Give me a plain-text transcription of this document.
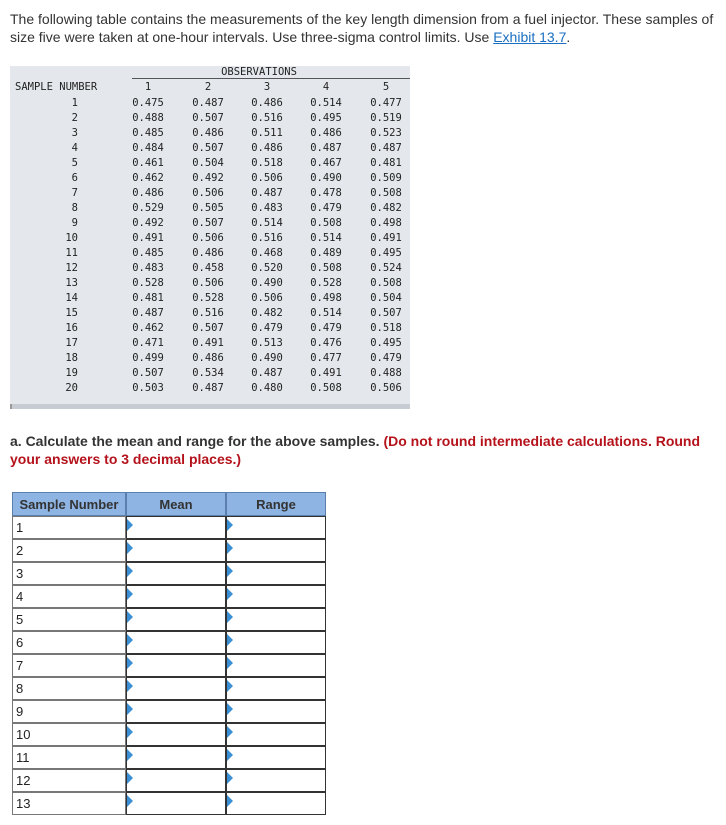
The following table contains the measurements of the key length dimension from a fuel injector. These samples of size five were taken at one-hour intervals. Use three-sigma control limits. Use Exhibit 13.7.
OBSERVATIONS
SAMPLE NUMBER	1	2	3	4	5
1	0.475	0.487	0.486	0.514	0.477
2	0.488	0.507	0.516	0.495	0.519
3	0.485	0.486	0.511	0.486	0.523
4	0.484	0.507	0.486	0.487	0.487
5	0.461	0.504	0.518	0.467	0.481
6	0.462	0.492	0.506	0.490	0.509
7	0.486	0.506	0.487	0.478	0.508
8	0.529	0.505	0.483	0.479	0.482
9	0.492	0.507	0.514	0.508	0.498
10	0.491	0.506	0.516	0.514	0.491
11	0.485	0.486	0.468	0.489	0.495
12	0.483	0.458	0.520	0.508	0.524
13	0.528	0.506	0.490	0.528	0.508
14	0.481	0.528	0.506	0.498	0.504
15	0.487	0.516	0.482	0.514	0.507
16	0.462	0.507	0.479	0.479	0.518
17	0.471	0.491	0.513	0.476	0.495
18	0.499	0.486	0.490	0.477	0.479
19	0.507	0.534	0.487	0.491	0.488
20	0.503	0.487	0.480	0.508	0.506
a. Calculate the mean and range for the above samples. (Do not round intermediate calculations. Round your answers to 3 decimal places.)
Sample Number	Mean	Range
1
2
3
4
5
6
7
8
9
10
11
12
13
